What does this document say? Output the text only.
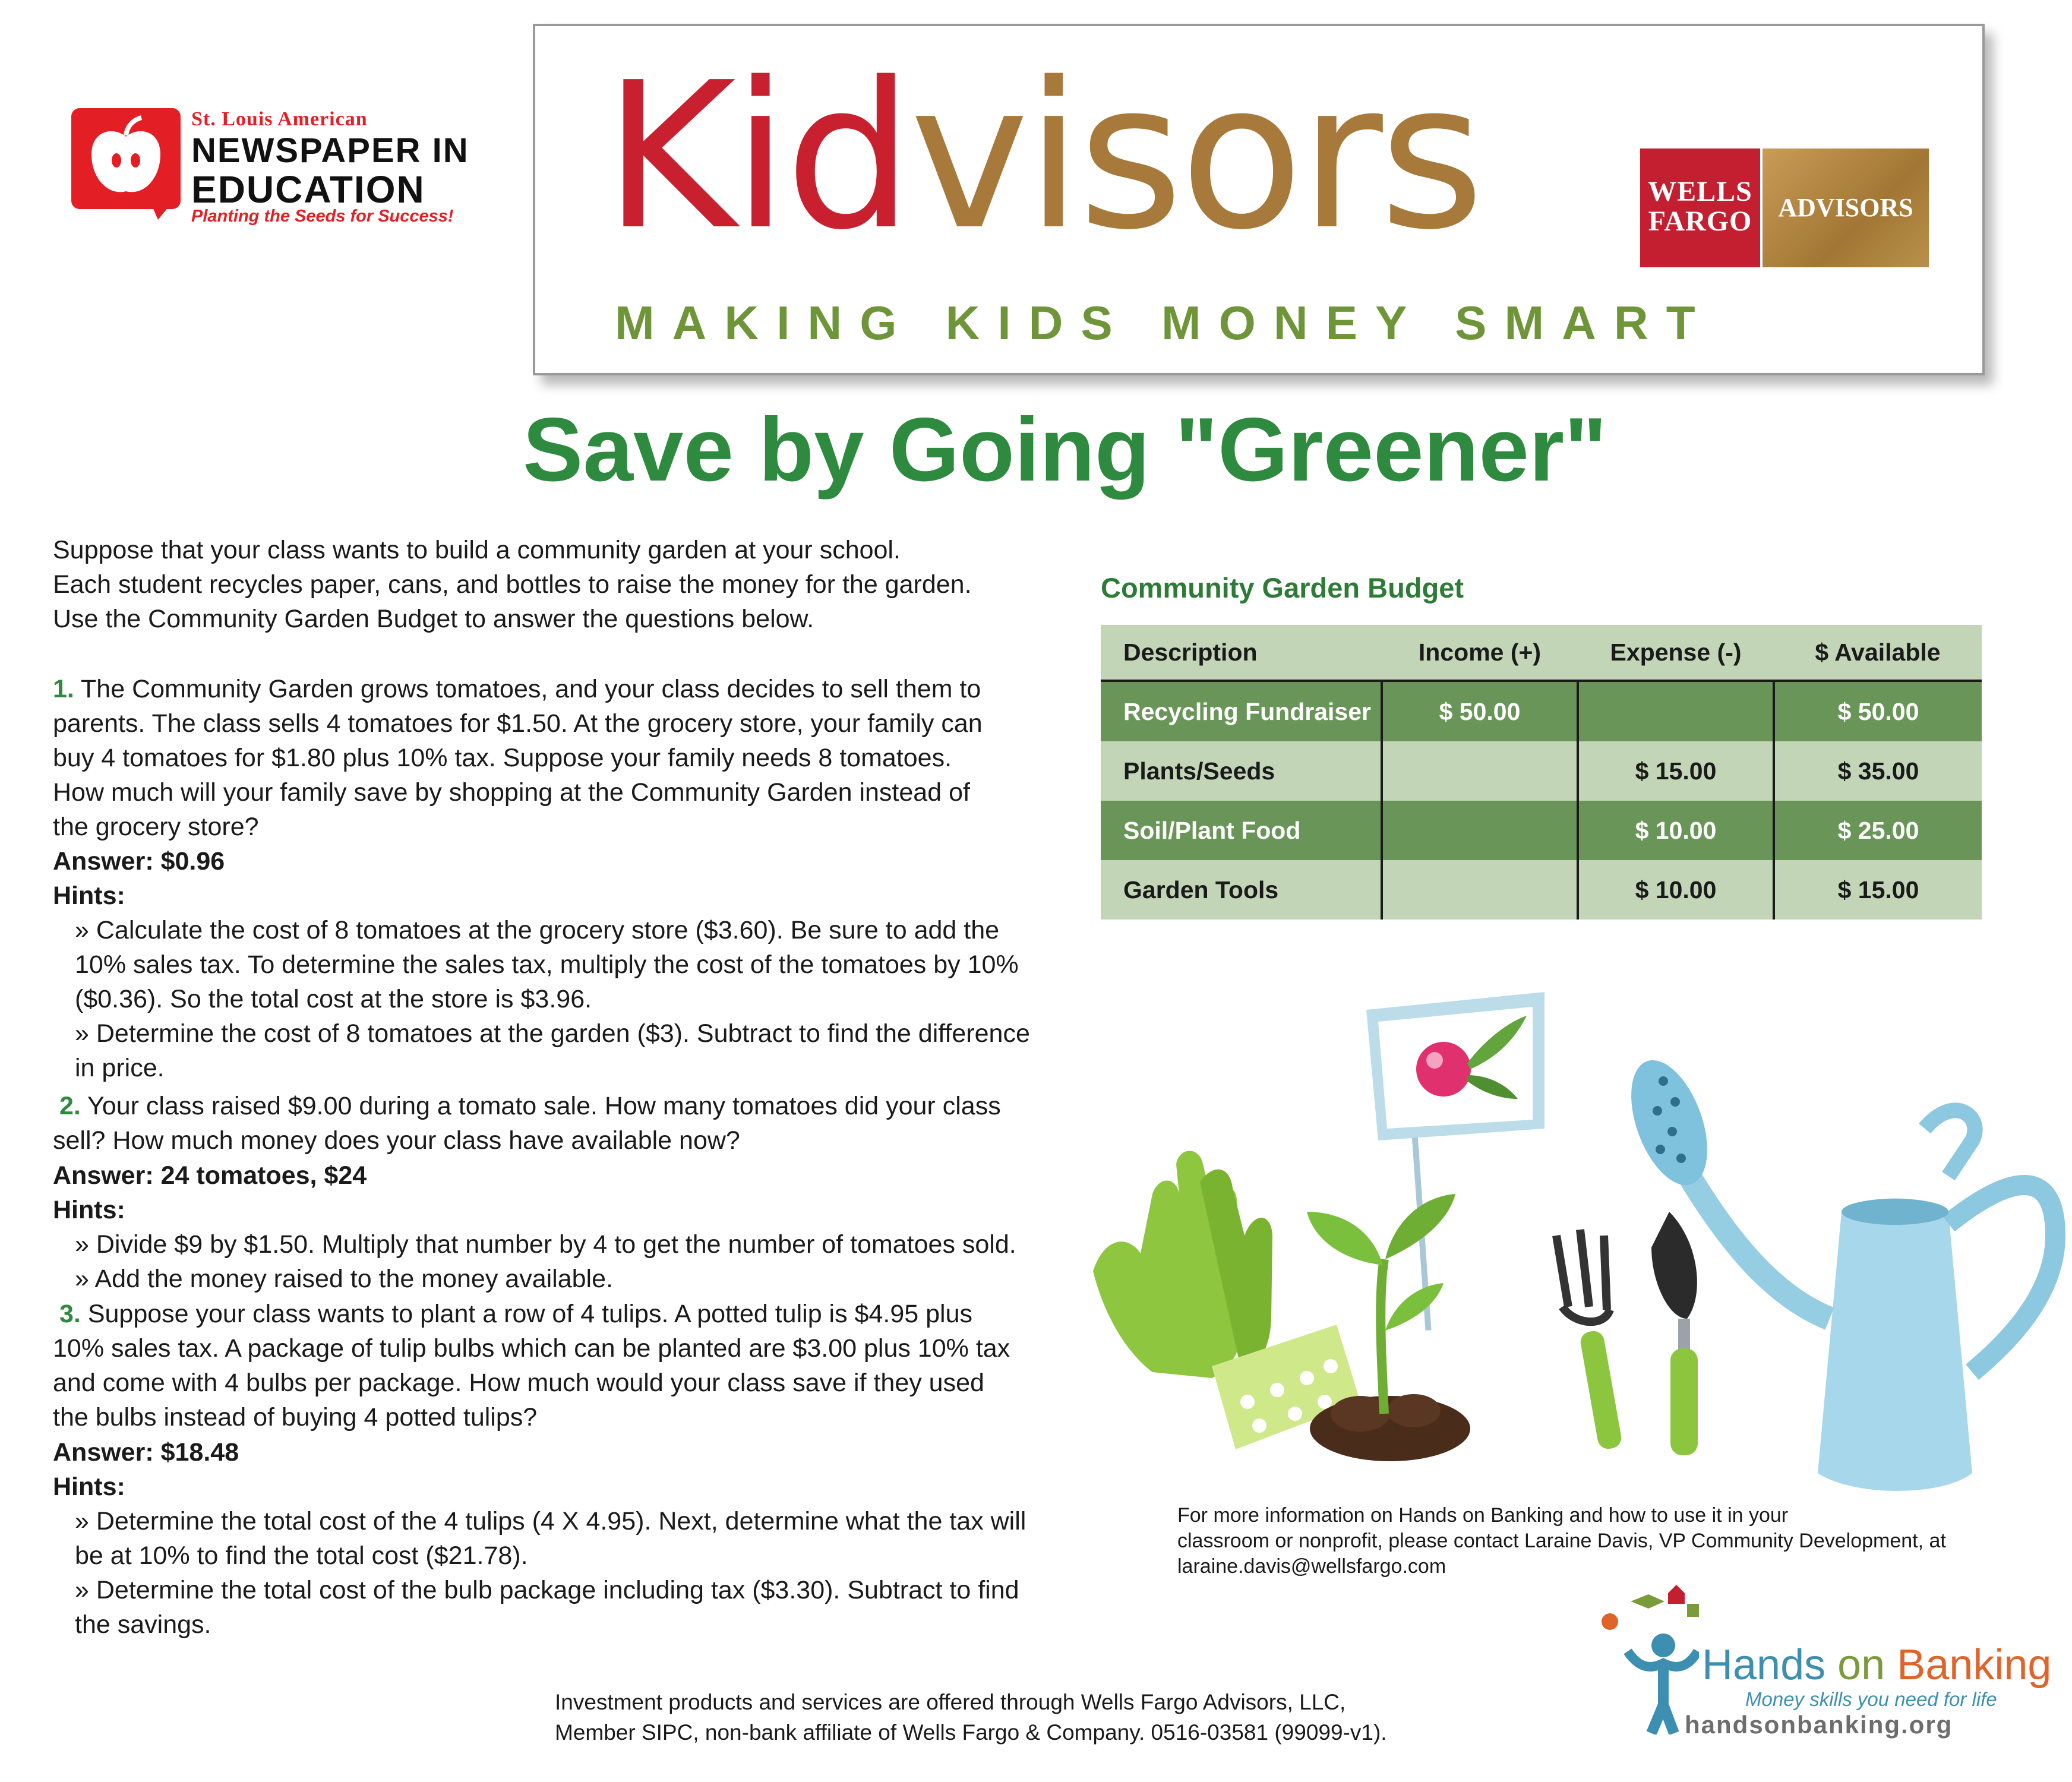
St. Louis American
NEWSPAPER IN
EDUCATION
Planting the Seeds for Success! Kidvisors
MAKING KIDS MONEY SMART
WELLS
FARGO ADVISORS
Save by Going "Greener"
Suppose that your class wants to build a community garden at your school.
Each student recycles paper, cans, and bottles to raise the money for the garden.
Use the Community Garden Budget to answer the questions below.
1. The Community Garden grows tomatoes, and your class decides to sell them to
parents. The class sells 4 tomatoes for $1.50. At the grocery store, your family can
buy 4 tomatoes for $1.80 plus 10% tax. Suppose your family needs 8 tomatoes.
How much will your family save by shopping at the Community Garden instead of
the grocery store?
Answer: $0.96
Hints:
» Calculate the cost of 8 tomatoes at the grocery store ($3.60). Be sure to add the
10% sales tax. To determine the sales tax, multiply the cost of the tomatoes by 10%
($0.36). So the total cost at the store is $3.96.
» Determine the cost of 8 tomatoes at the garden ($3). Subtract to find the difference
in price.
2. Your class raised $9.00 during a tomato sale. How many tomatoes did your class
sell? How much money does your class have available now?
Answer: 24 tomatoes, $24
Hints:
» Divide $9 by $1.50. Multiply that number by 4 to get the number of tomatoes sold.
» Add the money raised to the money available.
3. Suppose your class wants to plant a row of 4 tulips. A potted tulip is $4.95 plus
10% sales tax. A package of tulip bulbs which can be planted are $3.00 plus 10% tax
and come with 4 bulbs per package. How much would your class save if they used
the bulbs instead of buying 4 potted tulips?
Answer: $18.48
Hints:
» Determine the total cost of the 4 tulips (4 X 4.95). Next, determine what the tax will
be at 10% to find the total cost ($21.78).
» Determine the total cost of the bulb package including tax ($3.30). Subtract to find
the savings.
Community Garden Budget
Description	Income (+)	Expense (-)	$ Available
Recycling Fundraiser	$ 50.00		$ 50.00
Plants/Seeds		$ 15.00	$ 35.00
Soil/Plant Food		$ 10.00	$ 25.00
Garden Tools		$ 10.00	$ 15.00
For more information on Hands on Banking and how to use it in your
classroom or nonprofit, please contact Laraine Davis, VP Community Development, at
laraine.davis@wellsfargo.com
Hands on Banking
Money skills you need for life
handsonbanking.org
Investment products and services are offered through Wells Fargo Advisors, LLC,
Member SIPC, non-bank affiliate of Wells Fargo & Company. 0516-03581 (99099-v1).
